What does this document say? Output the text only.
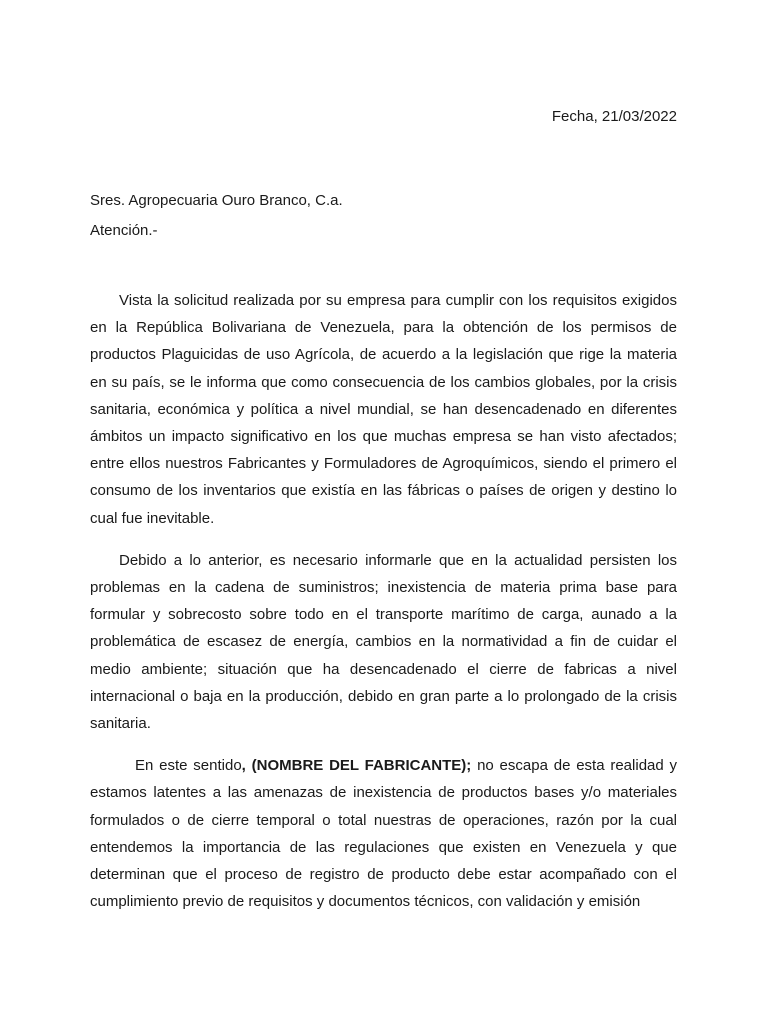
Fecha, 21/03/2022
Sres. Agropecuaria Ouro Branco, C.a.
Atención.-

Vista la solicitud realizada por su empresa para cumplir con los requisitos exigidos en la República Bolivariana de Venezuela, para la obtención de los permisos de productos Plaguicidas de uso Agrícola, de acuerdo a la legislación que rige la materia en su país, se le informa que como consecuencia de los cambios globales, por la crisis sanitaria, económica y política a nivel mundial, se han desencadenado en diferentes ámbitos un impacto significativo en los que muchas empresa se han visto afectados; entre ellos nuestros Fabricantes y Formuladores de Agroquímicos, siendo el primero el consumo de los inventarios que existía en las fábricas o países de origen y destino lo cual fue inevitable.

Debido a lo anterior, es necesario informarle que en la actualidad persisten los problemas en la cadena de suministros; inexistencia de materia prima base para formular y sobrecosto sobre todo en el transporte marítimo de carga, aunado a la problemática de escasez de energía, cambios en la normatividad a fin de cuidar el medio ambiente; situación que ha desencadenado el cierre de fabricas a nivel internacional o baja en la producción, debido en gran parte a lo prolongado de la crisis sanitaria.

En este sentido, (NOMBRE DEL FABRICANTE); no escapa de esta realidad y estamos latentes a las amenazas de inexistencia de productos bases y/o materiales formulados o de cierre temporal o total nuestras de operaciones, razón por la cual entendemos la importancia de las regulaciones que existen en Venezuela y que determinan que el proceso de registro de producto debe estar acompañado con el cumplimiento previo de requisitos y documentos técnicos, con validación y emisión
